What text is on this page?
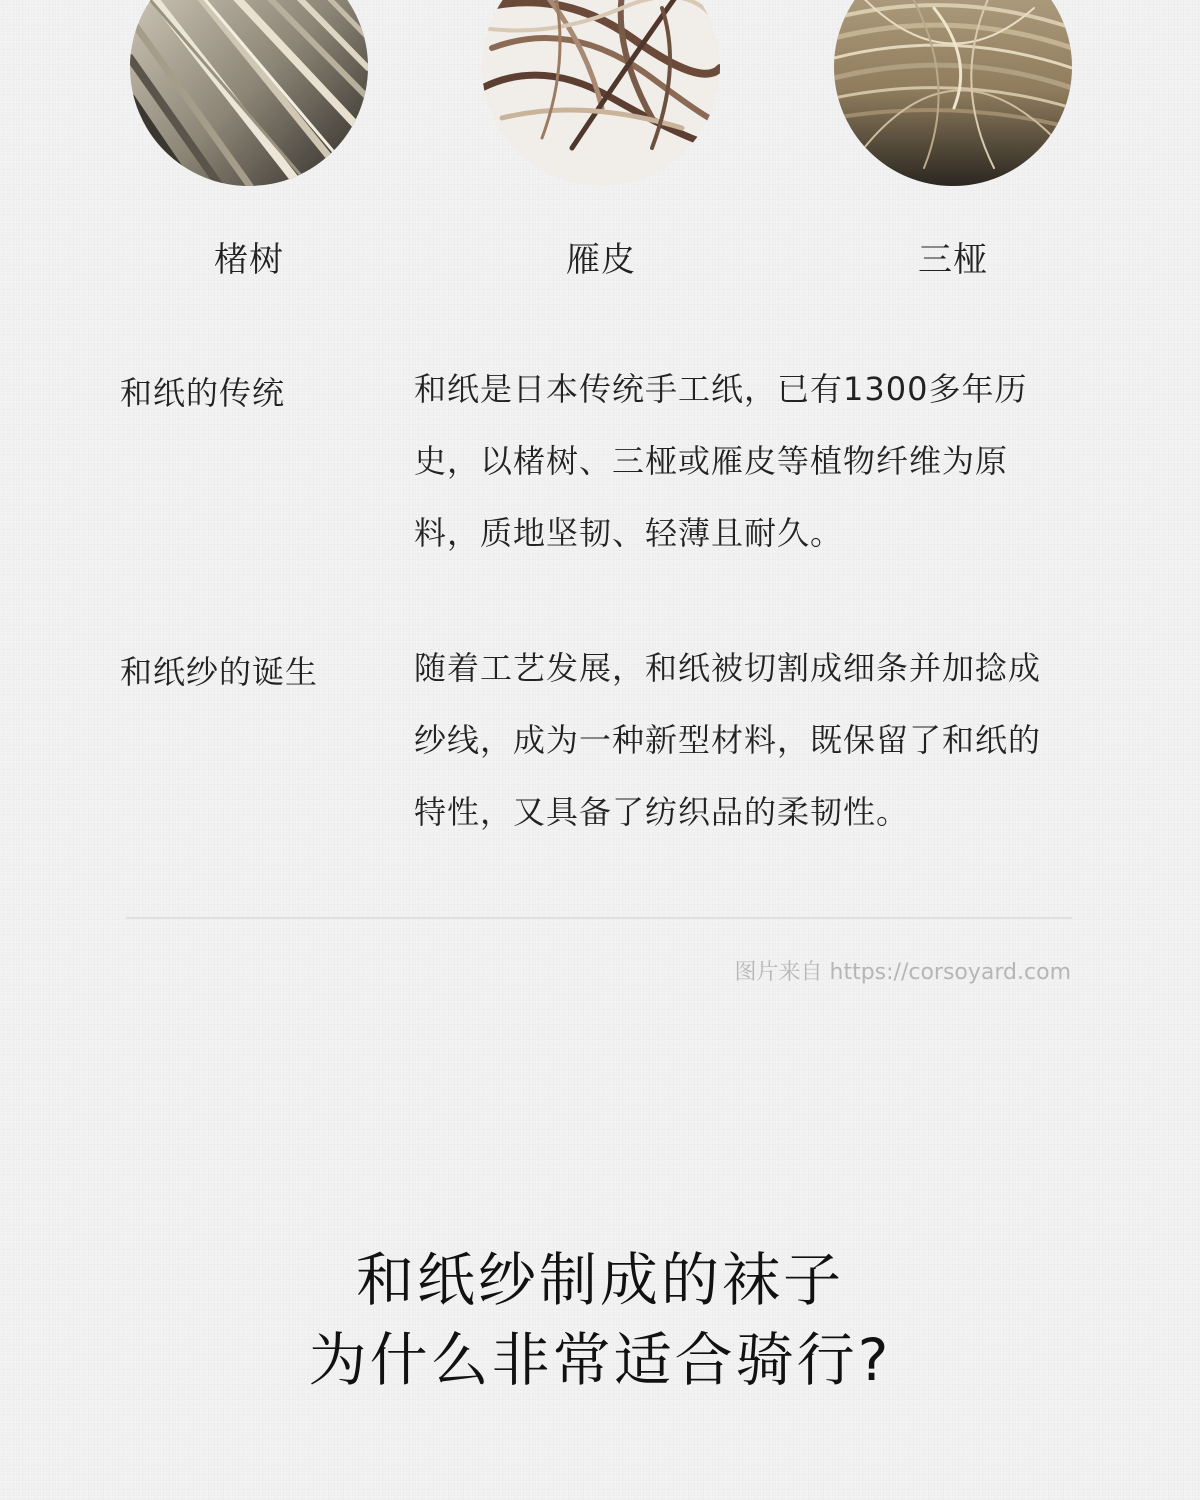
楮树	雁皮	三桠
和纸的传统	和纸是日本传统手工纸，已有1300多年历
史，以楮树、三桠或雁皮等植物纤维为原
料，质地坚韧、轻薄且耐久。
和纸纱的诞生	随着工艺发展，和纸被切割成细条并加捻成
纱线，成为一种新型材料，既保留了和纸的
特性，又具备了纺织品的柔韧性。
图片来自 https://corsoyard.com
和纸纱制成的袜子
为什么非常适合骑行?
